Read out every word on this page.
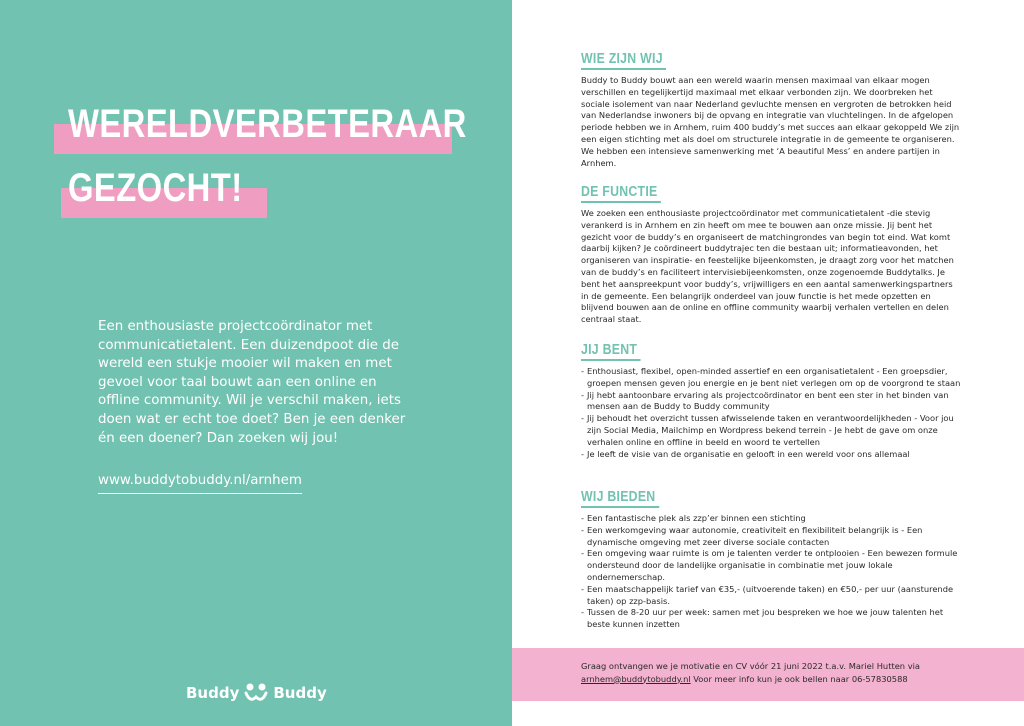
WERELDVERBETERAAR
GEZOCHT!
Een enthousiaste projectcoördinator met communicatietalent. Een duizendpoot die de wereld een stukje mooier wil maken en met gevoel voor taal bouwt aan een online en offline community. Wil je verschil maken, iets doen wat er echt toe doet? Ben je een denker én een doener? Dan zoeken wij jou!
www.buddytobuddy.nl/arnhem
Buddy Buddy
WIE ZIJN WIJ

Buddy to Buddy bouwt aan een wereld waarin mensen maximaal van elkaar mogen verschillen en tegelijkertijd maximaal met elkaar verbonden zijn. We doorbreken het sociale isolement van naar Nederland gevluchte mensen en vergroten de betrokken heid van Nederlandse inwoners bij de opvang en integratie van vluchtelingen. In de afgelopen periode hebben we in Arnhem, ruim 400 buddy’s met succes aan elkaar gekoppeld We zijn een eigen stichting met als doel om structurele integratie in de gemeente te organiseren. We hebben een intensieve samenwerking met ‘A beautiful Mess’ en andere partijen in Arnhem.

DE FUNCTIE

We zoeken een enthousiaste projectcoördinator met communicatietalent -die stevig verankerd is in Arnhem en zin heeft om mee te bouwen aan onze missie. Jij bent het gezicht voor de buddy’s en organiseert de matchingrondes van begin tot eind. Wat komt daarbij kijken? Je coördineert buddytrajec ten die bestaan uit; informatieavonden, het organiseren van inspiratie- en feestelijke bijeenkomsten, je draagt zorg voor het matchen van de buddy’s en faciliteert intervisiebijeenkomsten, onze zogenoemde Buddytalks. Je bent het aanspreekpunt voor buddy’s, vrijwilligers en een aantal samenwerkingspartners in de gemeente. Een belangrijk onderdeel van jouw functie is het mede opzetten en blijvend bouwen aan de online en offline community waarbij verhalen vertellen en delen centraal staat.

JIJ BENT
- Enthousiast, flexibel, open-minded assertief en een organisatietalent - Een groepsdier, groepen mensen geven jou energie en je bent niet verlegen om op de voorgrond te staan
- Jij hebt aantoonbare ervaring als projectcoördinator en bent een ster in het binden van mensen aan de Buddy to Buddy community
- Jij behoudt het overzicht tussen afwisselende taken en verantwoordelijkheden - Voor jou zijn Social Media, Mailchimp en Wordpress bekend terrein - Je hebt de gave om onze verhalen online en offline in beeld en woord te vertellen
- Je leeft de visie van de organisatie en gelooft in een wereld voor ons allemaal
WIJ BIEDEN
- Een fantastische plek als zzp’er binnen een stichting
- Een werkomgeving waar autonomie, creativiteit en flexibiliteit belangrijk is - Een dynamische omgeving met zeer diverse sociale contacten
- Een omgeving waar ruimte is om je talenten verder te ontplooien - Een bewezen formule ondersteund door de landelijke organisatie in combinatie met jouw lokale ondernemerschap.
- Een maatschappelijk tarief van €35,- (uitvoerende taken) en €50,- per uur (aansturende taken) op zzp-basis.
- Tussen de 8-20 uur per week: samen met jou bespreken we hoe we jouw talenten het beste kunnen inzetten
Graag ontvangen we je motivatie en CV vóór 21 juni 2022 t.a.v. Mariel Hutten via
arnhem@buddytobuddy.nl Voor meer info kun je ook bellen naar 06-57830588
